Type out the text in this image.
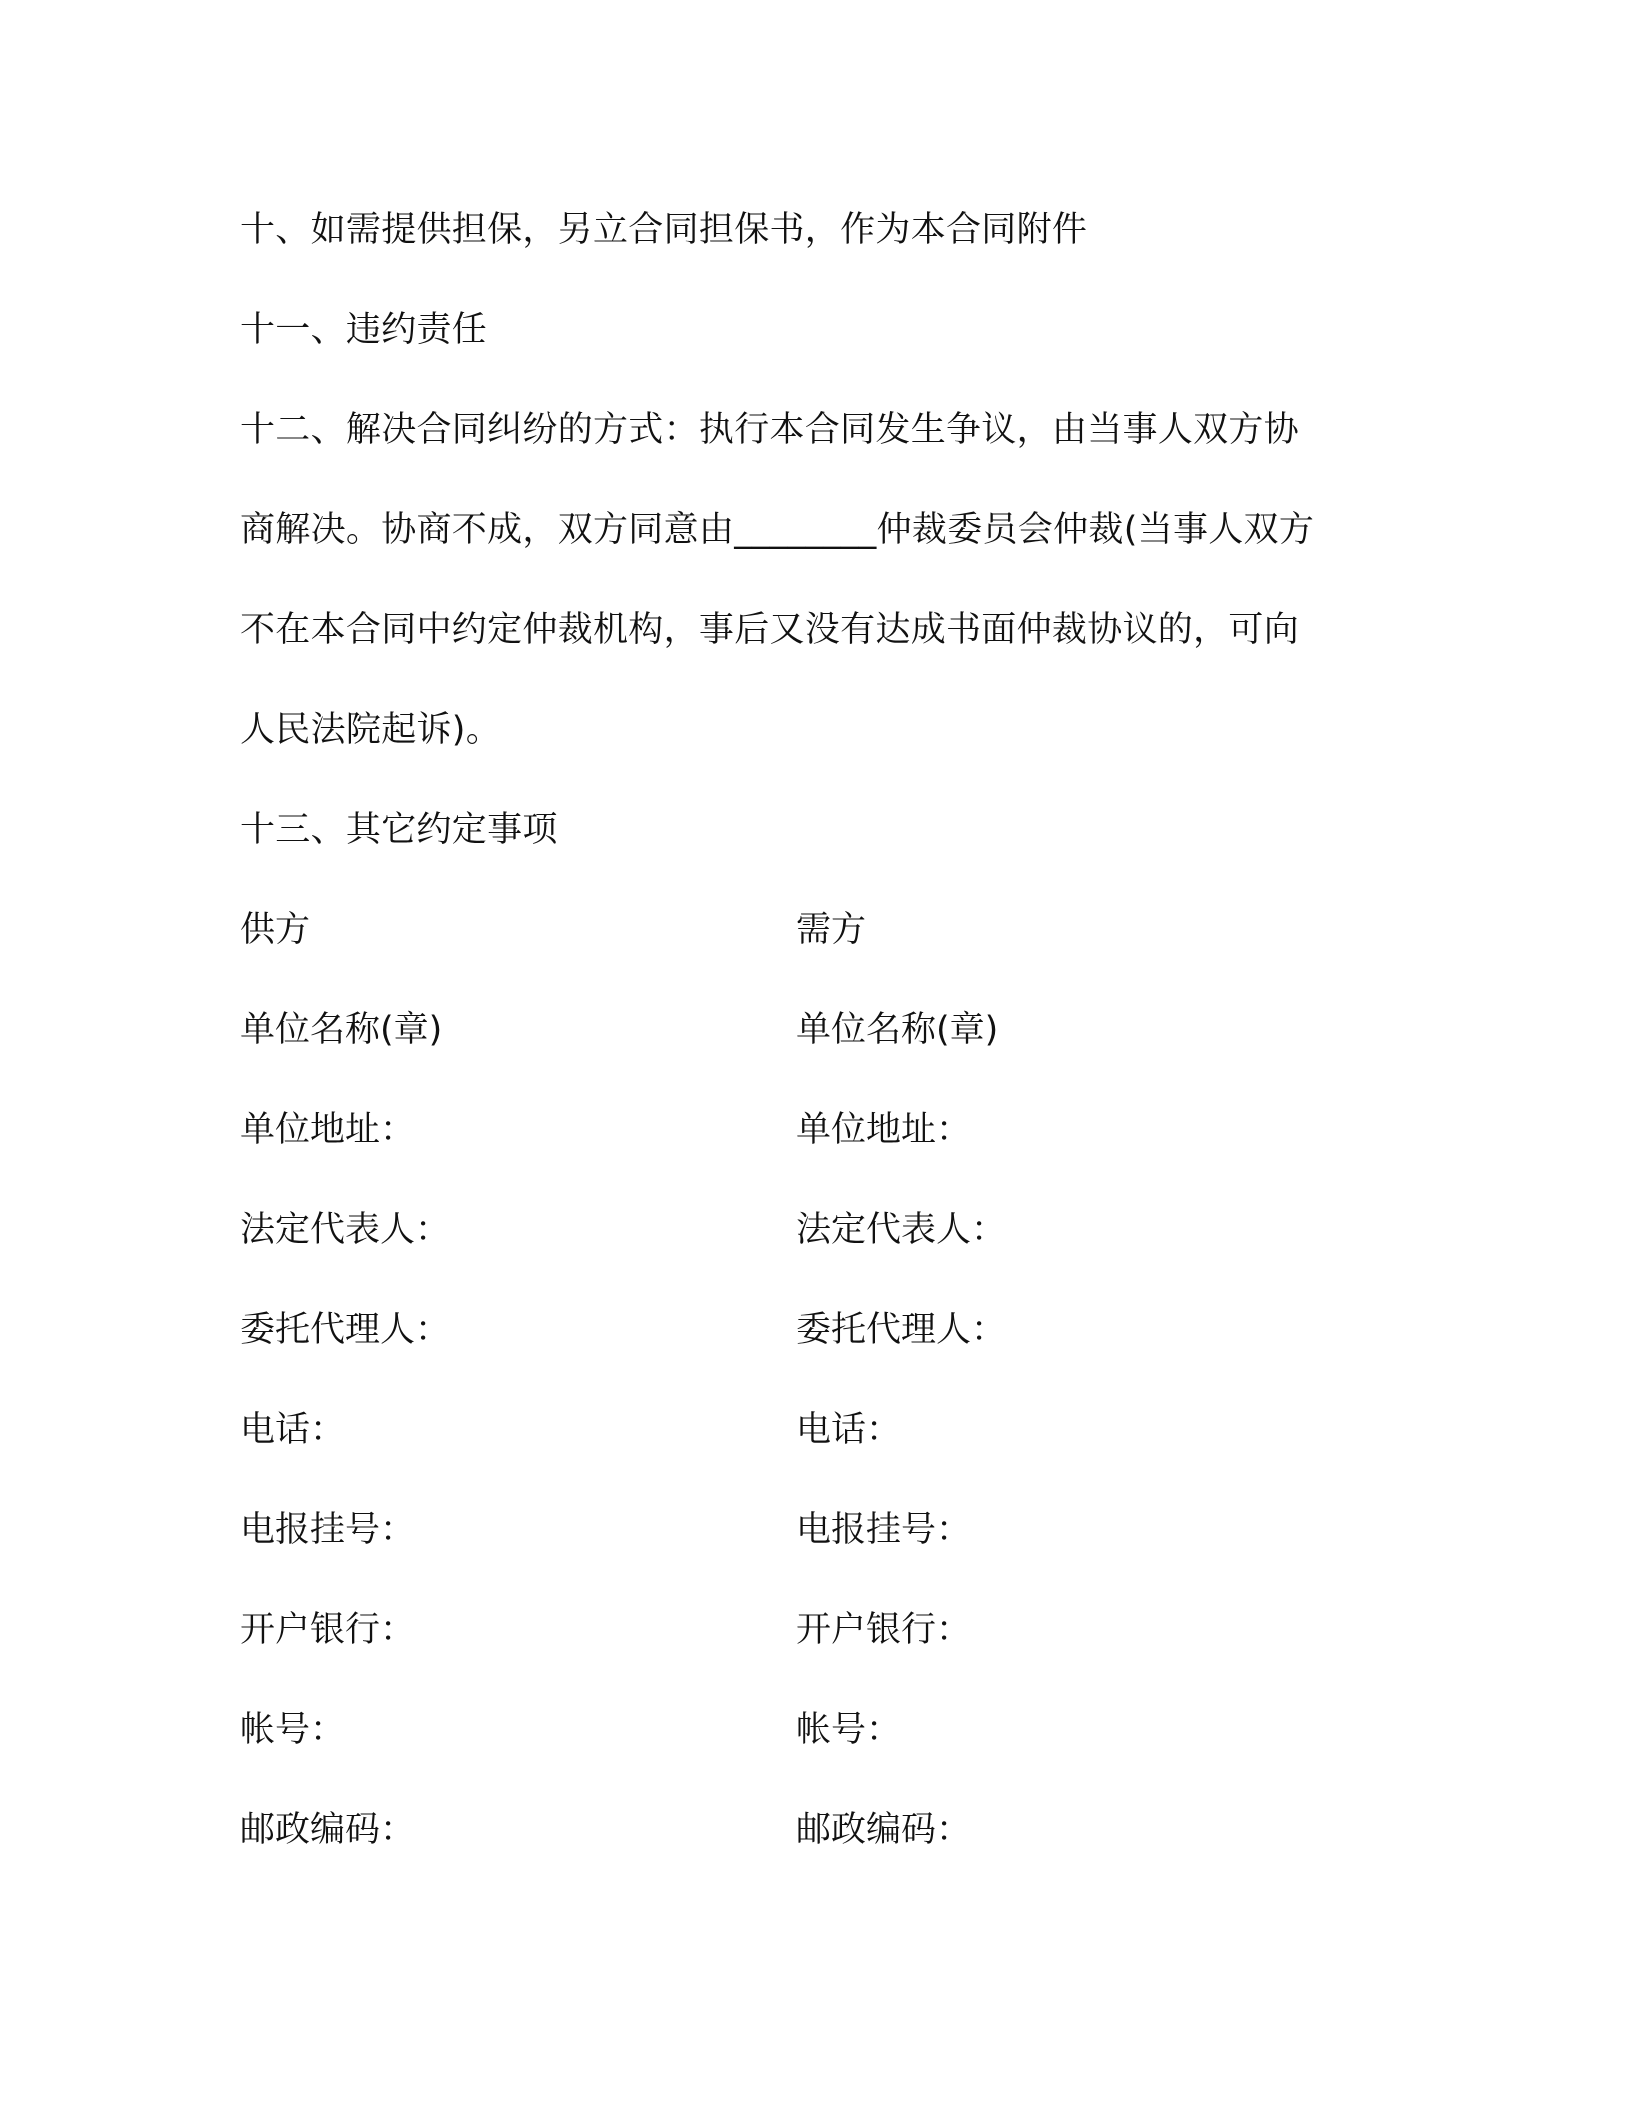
十、如需提供担保，另立合同担保书，作为本合同附件
十一、违约责任
十二、解决合同纠纷的方式：执行本合同发生争议，由当事人双方协
商解决。协商不成，双方同意由________仲裁委员会仲裁(当事人双方
不在本合同中约定仲裁机构，事后又没有达成书面仲裁协议的，可向
人民法院起诉)。
十三、其它约定事项
供方	需方
单位名称(章)	单位名称(章)
单位地址：	单位地址：
法定代表人：	法定代表人：
委托代理人：	委托代理人：
电话：	电话：
电报挂号：	电报挂号：
开户银行：	开户银行：
帐号：	帐号：
邮政编码：	邮政编码：
